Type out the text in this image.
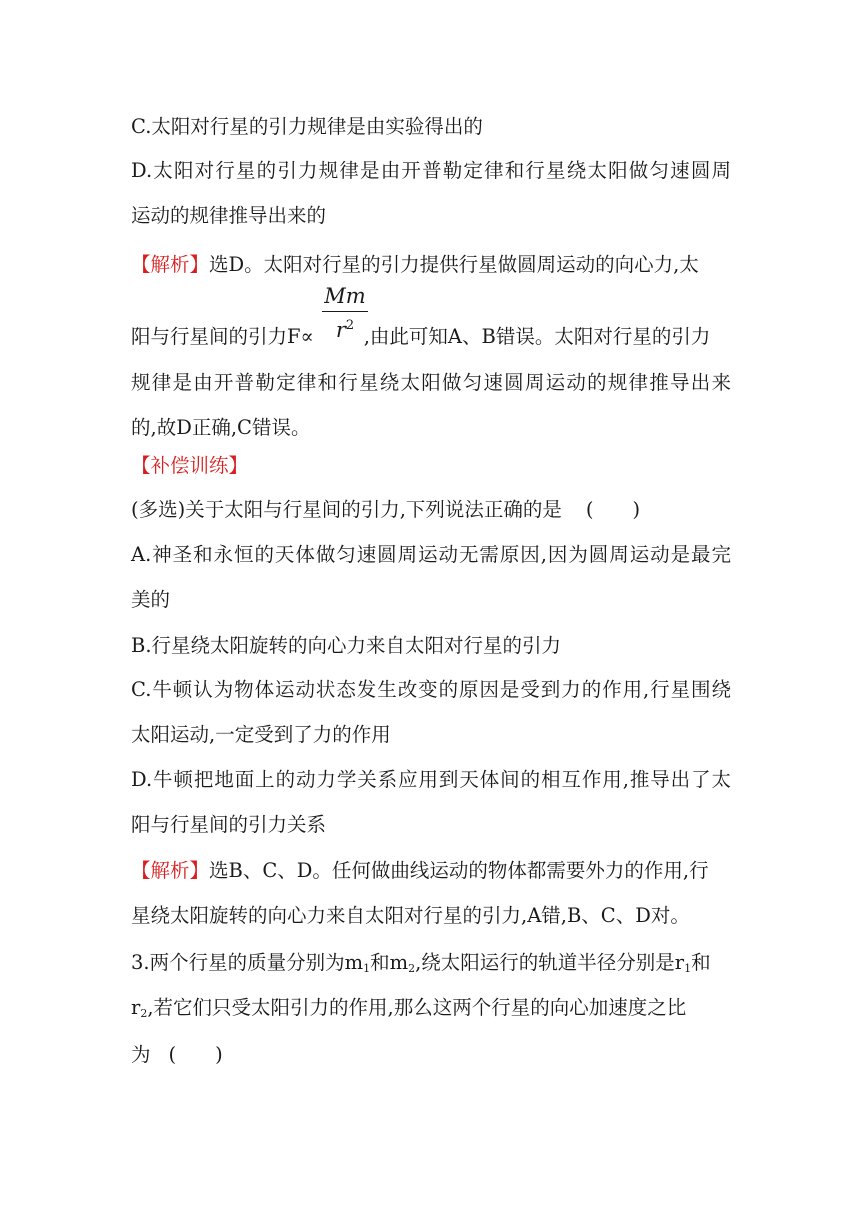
C.太阳对行星的引力规律是由实验得出的
D.太阳对行星的引力规律是由开普勒定律和行星绕太阳做匀速圆周
运动的规律推导出来的
【解析】选D。太阳对行星的引力提供行星做圆周运动的向心力,太
阳与行星间的引力F∝	,由此可知A、B错误。太阳对行星的引力
$\frac{Mm}{r^2}$
规律是由开普勒定律和行星绕太阳做匀速圆周运动的规律推导出来
的,故D正确,C错误。
【补偿训练】
(多选)关于太阳与行星间的引力,下列说法正确的是 (　　)
A.神圣和永恒的天体做匀速圆周运动无需原因,因为圆周运动是最完
美的
B.行星绕太阳旋转的向心力来自太阳对行星的引力
C.牛顿认为物体运动状态发生改变的原因是受到力的作用,行星围绕
太阳运动,一定受到了力的作用
D.牛顿把地面上的动力学关系应用到天体间的相互作用,推导出了太
阳与行星间的引力关系
【解析】选B、C、D。任何做曲线运动的物体都需要外力的作用,行
星绕太阳旋转的向心力来自太阳对行星的引力,A错,B、C、D对。
3.两个行星的质量分别为$m_1$和$m_2$,绕太阳运行的轨道半径分别是$r_1$和
$r_2$,若它们只受太阳引力的作用,那么这两个行星的向心加速度之比
为 (　　)
